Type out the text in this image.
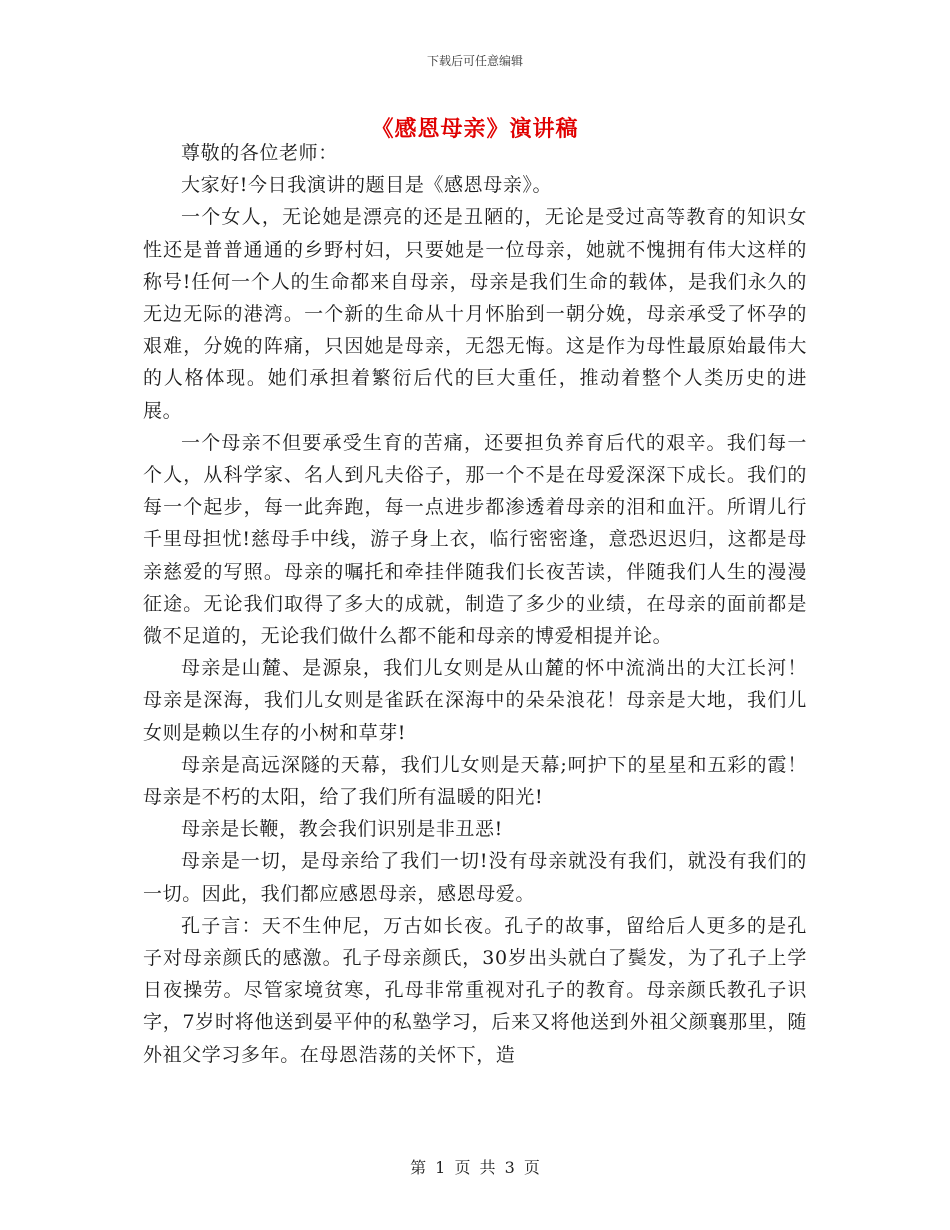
下载后可任意编辑
《感恩母亲》演讲稿

尊敬的各位老师：

大家好!今日我演讲的题目是《感恩母亲》。

一个女人，无论她是漂亮的还是丑陋的，无论是受过高等教育的知识女性还是普普通通的乡野村妇，只要她是一位母亲，她就不愧拥有伟大这样的称号!任何一个人的生命都来自母亲，母亲是我们生命的载体，是我们永久的无边无际的港湾。一个新的生命从十月怀胎到一朝分娩，母亲承受了怀孕的艰难，分娩的阵痛，只因她是母亲，无怨无悔。这是作为母性最原始最伟大的人格体现。她们承担着繁衍后代的巨大重任，推动着整个人类历史的进展。

一个母亲不但要承受生育的苦痛，还要担负养育后代的艰辛。我们每一个人，从科学家、名人到凡夫俗子，那一个不是在母爱深深下成长。我们的每一个起步，每一此奔跑，每一点进步都渗透着母亲的泪和血汗。所谓儿行千里母担忧!慈母手中线，游子身上衣，临行密密逢，意恐迟迟归，这都是母亲慈爱的写照。母亲的嘱托和牵挂伴随我们长夜苦读，伴随我们人生的漫漫征途。无论我们取得了多大的成就，制造了多少的业绩，在母亲的面前都是微不足道的，无论我们做什么都不能和母亲的博爱相提并论。

母亲是山麓、是源泉，我们儿女则是从山麓的怀中流淌出的大江长河！母亲是深海，我们儿女则是雀跃在深海中的朵朵浪花！母亲是大地，我们儿女则是赖以生存的小树和草芽!

母亲是高远深隧的天幕，我们儿女则是天幕;呵护下的星星和五彩的霞！母亲是不朽的太阳，给了我们所有温暖的阳光!

母亲是长鞭，教会我们识别是非丑恶!

母亲是一切，是母亲给了我们一切!没有母亲就没有我们，就没有我们的一切。因此，我们都应感恩母亲，感恩母爱。

孔子言：天不生仲尼，万古如长夜。孔子的故事，留给后人更多的是孔子对母亲颜氏的感激。孔子母亲颜氏，30岁出头就白了鬓发，为了孔子上学日夜操劳。尽管家境贫寒，孔母非常重视对孔子的教育。母亲颜氏教孔子识字，7岁时将他送到晏平仲的私塾学习，后来又将他送到外祖父颜襄那里，随外祖父学习多年。在母恩浩荡的关怀下，造

第 1 页 共 3 页
